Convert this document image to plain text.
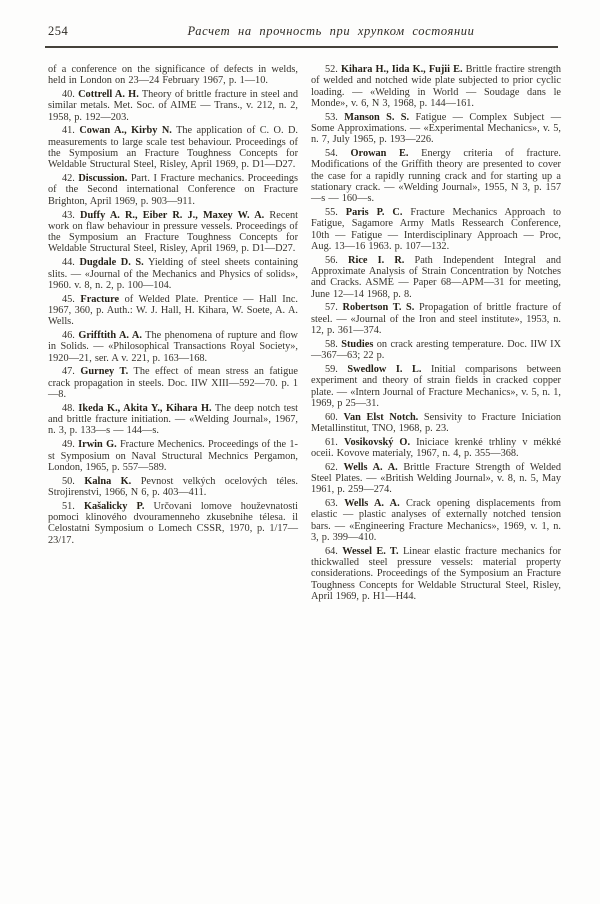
254	Расчет на прочность при хрупком состоянии

of a conference on the significance of defects in welds, held in London on 23—24 February 1967, p. 1—10.

40. Cottrell A. H. Theory of brittle fracture in steel and similar metals. Met. Soc. of AIME — Trans., v. 212, n. 2, 1958, p. 192—203.

41. Cowan A., Kirby N. The application of C. O. D. measurements to large scale test behaviour. Proceedings of the Symposium an Fracture Toughness Concepts for Weldable Structural Steel, Risley, April 1969, p. D1—D27.

42. Discussion. Part. I Fracture mechanics. Proceedings of the Second international Conference on Fracture Brighton, April 1969, p. 903—911.

43. Duffy A. R., Eiber R. J., Maxey W. A. Recent work on flaw behaviour in pressure vessels. Proceedings of the Symposium an Fracture Toughness Concepts for Weldable Structural Steel, Risley, April 1969, p. D1—D27.

44. Dugdale D. S. Yielding of steel sheets containing slits. — «Journal of the Mechanics and Physics of solids», 1960. v. 8, n. 2, p. 100—104.

45. Fracture of Welded Plate. Prentice — Hall Inc. 1967, 360, p. Auth.: W. J. Hall, H. Kihara, W. Soete, A. A. Wells.

46. Grifftith A. A. The phenomena of rupture and flow in Solids. — «Philosophical Transactions Royal Society», 1920—21, ser. A v. 221, p. 163—168.

47. Gurney T. The effect of mean stress an fatigue crack propagation in steels. Doc. IIW XIII—592—70. p. 1—8.

48. Ikeda K., Akita Y., Kihara H. The deep notch test and brittle fracture initiation. — «Welding Journal», 1967, n. 3, p. 133—s — 144—s.

49. Irwin G. Fracture Mechenics. Proceedings of the 1-st Symposium on Naval Structural Mechnics Pergamon, London, 1965, p. 557—589.

50. Kalna K. Pevnost velkých ocelových téles. Strojirenstvi, 1966, N 6, p. 403—411.

51. Kašalicky P. Určovani lomove houževnatosti pomoci klinového dvouramenneho zkusebnihe télesa. il Celostatni Symposium o Lomech CSSR, 1970, p. 1/17—23/17.

52. Kihara H., Iida K., Fujii E. Brittle fractire strength of welded and notched wide plate subjected to prior cyclic loading. — «Welding in World — Soudage dans le Monde», v. 6, N 3, 1968, p. 144—161.

53. Manson S. S. Fatigue — Complex Subject — Some Approximations. — «Experimental Mechanics», v. 5, n. 7, July 1965, p. 193—226.

54. Orowan E. Energy criteria of fracture. Modifications of the Griffith theory are presented to cover the case for a rapidly running crack and for starting up a stationary crack. — «Welding Journal», 1955, N 3, p. 157—s — 160—s.

55. Paris P. C. Fracture Mechanics Approach to Fatigue, Sagamore Army Matls Ressearch Conference, 10th — Fatigue — Interdisciplinary Approach — Proc, Aug. 13—16 1963. p. 107—132.

56. Rice I. R. Path Independent Integral and Approximate Analysis of Strain Concentration by Notches and Cracks. ASME — Paper 68—APM—31 for meeting, June 12—14 1968, p. 8.

57. Robertson T. S. Propagation of brittle fracture of steel. — «Journal of the Iron and steel institute», 1953, n. 12, p. 361—374.

58. Studies on crack aresting temperature. Doc. IIW IX—367—63; 22 p.

59. Swedlow I. L. Initial comparisons between experiment and theory of strain fields in cracked copper plate. — «Intern Journal of Fracture Mechanics», v. 5, n. 1, 1969, p 25—31.

60. Van Elst Notch. Sensivity to Fracture Iniciation Metallinstitut, TNO, 1968, p. 23.

61. Vosikovský O. Iniciace krenké trhliny v mékké oceii. Kovove materialy, 1967, n. 4, p. 355—368.

62. Wells A. A. Brittle Fracture Strength of Welded Steel Plates. — «British Welding Journal», v. 8, n. 5, May 1961, p. 259—274.

63. Wells A. A. Crack opening displacements from elastic — plastic analyses of externally notched tension bars. — «Engineering Fracture Mechanics», 1969, v. 1, n. 3, p. 399—410.

64. Wessel E. T. Linear elastic fracture mechanics for thickwalled steel pressure vessels: material property considerations. Proceedings of the Symposium an Fracture Toughness Concepts for Weldable Structural Steel, Risley, April 1969, p. H1—H44.
